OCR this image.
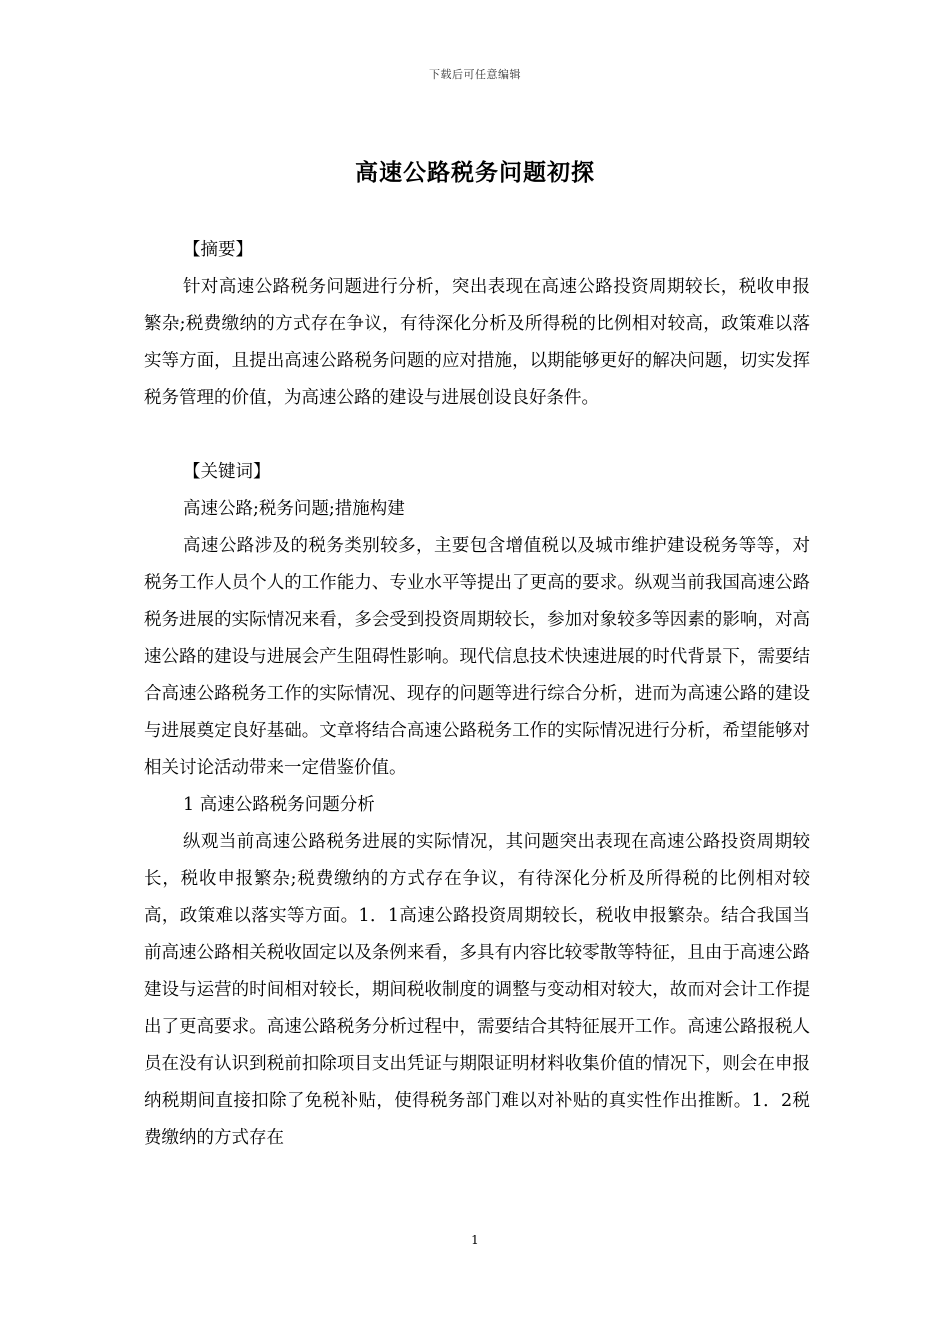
下载后可任意编辑
高速公路税务问题初探

【摘要】

针对高速公路税务问题进行分析，突出表现在高速公路投资周期较长，税收申报繁杂;税费缴纳的方式存在争议，有待深化分析及所得税的比例相对较高，政策难以落实等方面，且提出高速公路税务问题的应对措施，以期能够更好的解决问题，切实发挥税务管理的价值，为高速公路的建设与进展创设良好条件。

【关键词】

高速公路;税务问题;措施构建

高速公路涉及的税务类别较多，主要包含增值税以及城市维护建设税务等等，对税务工作人员个人的工作能力、专业水平等提出了更高的要求。纵观当前我国高速公路税务进展的实际情况来看，多会受到投资周期较长，参加对象较多等因素的影响，对高速公路的建设与进展会产生阻碍性影响。现代信息技术快速进展的时代背景下，需要结合高速公路税务工作的实际情况、现存的问题等进行综合分析，进而为高速公路的建设与进展奠定良好基础。文章将结合高速公路税务工作的实际情况进行分析，希望能够对相关讨论活动带来一定借鉴价值。

1 高速公路税务问题分析

纵观当前高速公路税务进展的实际情况，其问题突出表现在高速公路投资周期较长，税收申报繁杂;税费缴纳的方式存在争议，有待深化分析及所得税的比例相对较高，政策难以落实等方面。1．1高速公路投资周期较长，税收申报繁杂。结合我国当前高速公路相关税收固定以及条例来看，多具有内容比较零散等特征，且由于高速公路建设与运营的时间相对较长，期间税收制度的调整与变动相对较大，故而对会计工作提出了更高要求。高速公路税务分析过程中，需要结合其特征展开工作。高速公路报税人员在没有认识到税前扣除项目支出凭证与期限证明材料收集价值的情况下，则会在申报纳税期间直接扣除了免税补贴，使得税务部门难以对补贴的真实性作出推断。1．2税费缴纳的方式存在

1
